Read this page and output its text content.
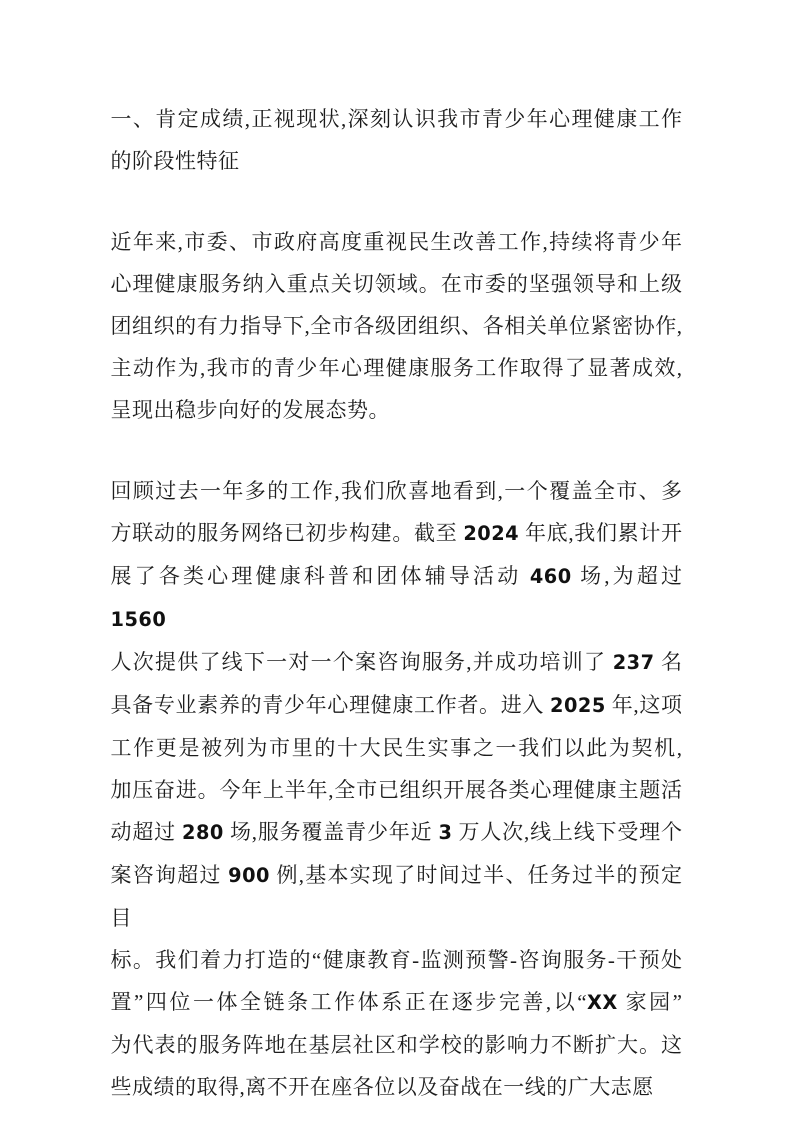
一、肯定成绩,正视现状,深刻认识我市青少年心理健康工作
的阶段性特征
近年来,市委、市政府高度重视民生改善工作,持续将青少年
心理健康服务纳入重点关切领域。在市委的坚强领导和上级
团组织的有力指导下,全市各级团组织、各相关单位紧密协作,
主动作为,我市的青少年心理健康服务工作取得了显著成效,
呈现出稳步向好的发展态势。
回顾过去一年多的工作,我们欣喜地看到,一个覆盖全市、多
方联动的服务网络已初步构建。截至 2024 年底,我们累计开
展了各类心理健康科普和团体辅导活动 460 场,为超过 1560
人次提供了线下一对一个案咨询服务,并成功培训了 237 名
具备专业素养的青少年心理健康工作者。进入 2025 年,这项
工作更是被列为市里的十大民生实事之一我们以此为契机,
加压奋进。今年上半年,全市已组织开展各类心理健康主题活
动超过 280 场,服务覆盖青少年近 3 万人次,线上线下受理个
案咨询超过 900 例,基本实现了时间过半、任务过半的预定目
标。我们着力打造的“健康教育-监测预警-咨询服务-干预处
置”四位一体全链条工作体系正在逐步完善,以“XX 家园”
为代表的服务阵地在基层社区和学校的影响力不断扩大。这
些成绩的取得,离不开在座各位以及奋战在一线的广大志愿
